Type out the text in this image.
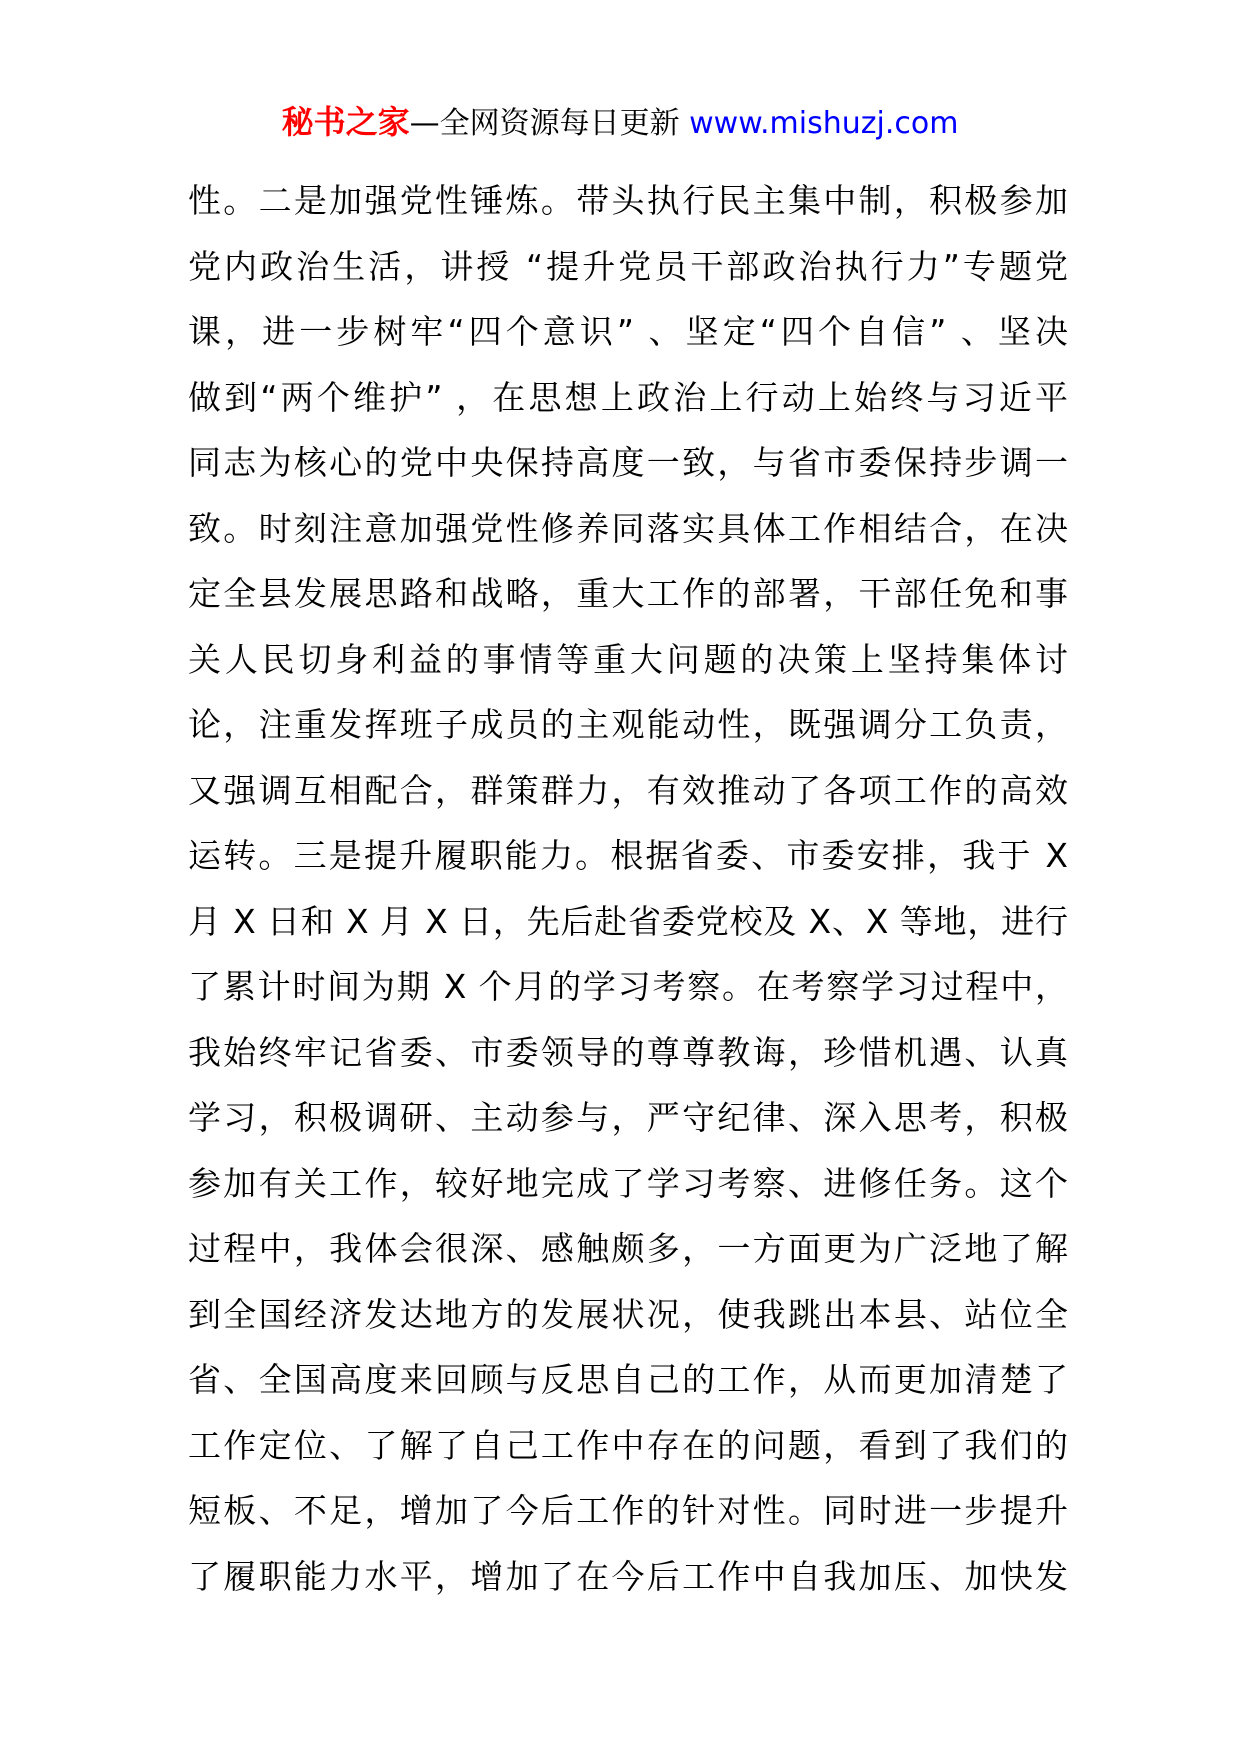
秘书之家—全网资源每日更新 www.mishuzj.com
性。二是加强党性锤炼。带头执行民主集中制，积极参加
党内政治生活，讲授 “提升党员干部政治执行力”专题党
课，进一步树牢“四个意识” 、坚定“四个自信” 、坚决
做到“两个维护” ，在思想上政治上行动上始终与习近平
同志为核心的党中央保持高度一致，与省市委保持步调一
致。时刻注意加强党性修养同落实具体工作相结合，在决
定全县发展思路和战略，重大工作的部署，干部任免和事
关人民切身利益的事情等重大问题的决策上坚持集体讨
论，注重发挥班子成员的主观能动性，既强调分工负责，
又强调互相配合，群策群力，有效推动了各项工作的高效
运转。三是提升履职能力。根据省委、市委安排，我于 X
月 X 日和 X 月 X 日，先后赴省委党校及 X、X 等地，进行
了累计时间为期 X 个月的学习考察。在考察学习过程中，
我始终牢记省委、市委领导的尊尊教诲，珍惜机遇、认真
学习，积极调研、主动参与，严守纪律、深入思考，积极
参加有关工作，较好地完成了学习考察、进修任务。这个
过程中，我体会很深、感触颇多，一方面更为广泛地了解
到全国经济发达地方的发展状况，使我跳出本县、站位全
省、全国高度来回顾与反思自己的工作，从而更加清楚了
工作定位、了解了自己工作中存在的问题，看到了我们的
短板、不足，增加了今后工作的针对性。同时进一步提升
了履职能力水平，增加了在今后工作中自我加压、加快发
